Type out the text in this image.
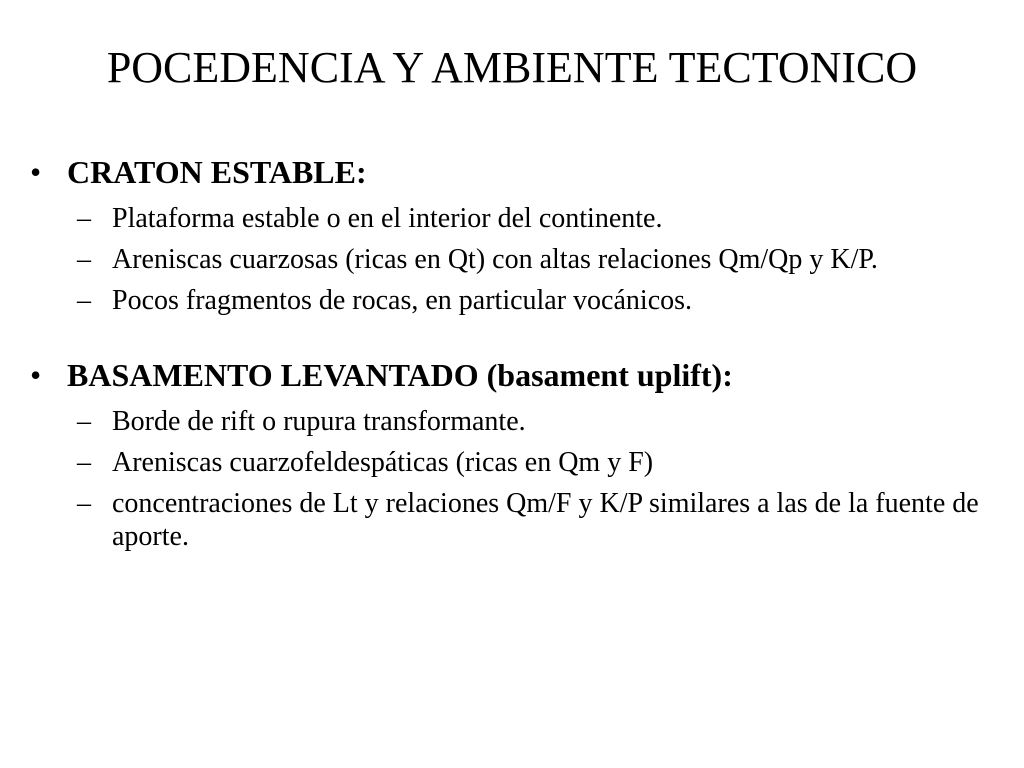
POCEDENCIA Y AMBIENTE TECTONICO
• CRATON ESTABLE:
– Plataforma estable o en el interior del continente.
– Areniscas cuarzosas (ricas en Qt) con altas relaciones Qm/Qp y K/P.
– Pocos fragmentos de rocas, en particular vocánicos.
• BASAMENTO LEVANTADO (basament uplift):
– Borde de rift o rupura transformante.
– Areniscas cuarzofeldespáticas (ricas en Qm y F)
– concentraciones de Lt y relaciones Qm/F y K/P similares a las de la fuente de aporte.
